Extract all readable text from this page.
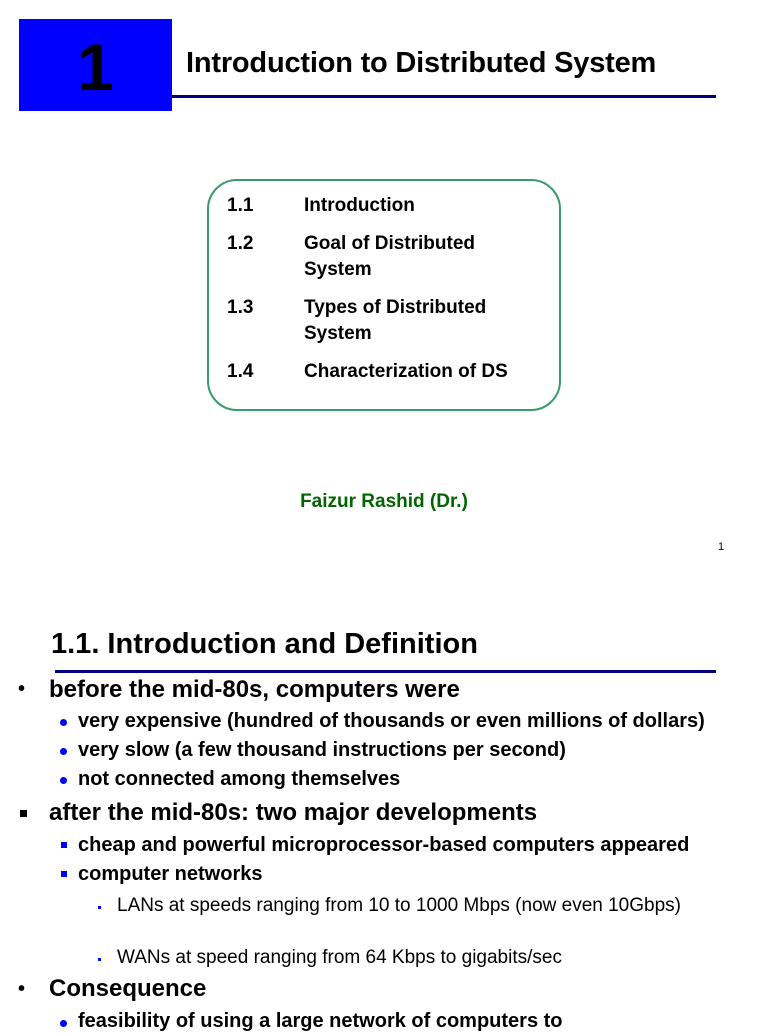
1	Introduction to Distributed System
1.1	Introduction
1.2	Goal of Distributed System
1.3	Types of Distributed System
1.4	Characterization of DS
Faizur Rashid (Dr.)
1
1.1. Introduction and Definition
• before the mid-80s, computers were
very expensive (hundred of thousands or even millions of dollars)
very slow (a few thousand instructions per second)
not connected among themselves
after the mid-80s: two major developments
cheap and powerful microprocessor-based computers appeared
computer networks
LANs at speeds ranging from 10 to 1000 Mbps (now even 10Gbps)
WANs at speed ranging from 64 Kbps to gigabits/sec
• Consequence
feasibility of using a large network of computers to
